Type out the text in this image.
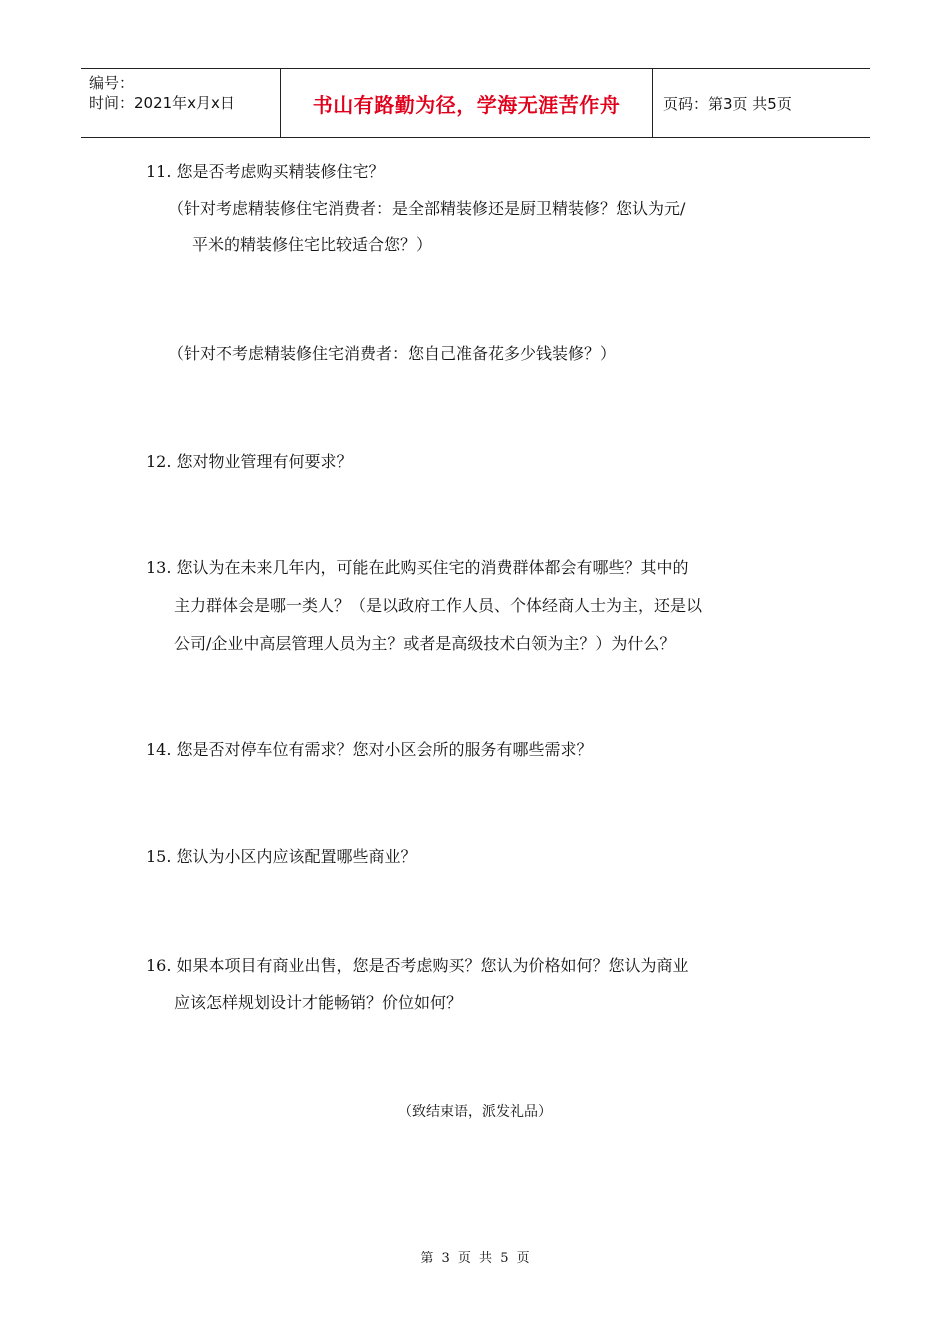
编号：
时间：2021年x月x日	书山有路勤为径，学海无涯苦作舟	页码：第3页 共5页
11. 您是否考虑购买精装修住宅？
（针对考虑精装修住宅消费者：是全部精装修还是厨卫精装修？您认为元/
平米的精装修住宅比较适合您？）
（针对不考虑精装修住宅消费者：您自己准备花多少钱装修？）
12. 您对物业管理有何要求？
13. 您认为在未来几年内，可能在此购买住宅的消费群体都会有哪些？其中的
主力群体会是哪一类人？（是以政府工作人员、个体经商人士为主，还是以
公司/企业中高层管理人员为主？或者是高级技术白领为主？）为什么？
14. 您是否对停车位有需求？您对小区会所的服务有哪些需求？
15. 您认为小区内应该配置哪些商业？
16. 如果本项目有商业出售，您是否考虑购买？您认为价格如何？您认为商业
应该怎样规划设计才能畅销？价位如何？
（致结束语，派发礼品）
第 3 页 共 5 页
